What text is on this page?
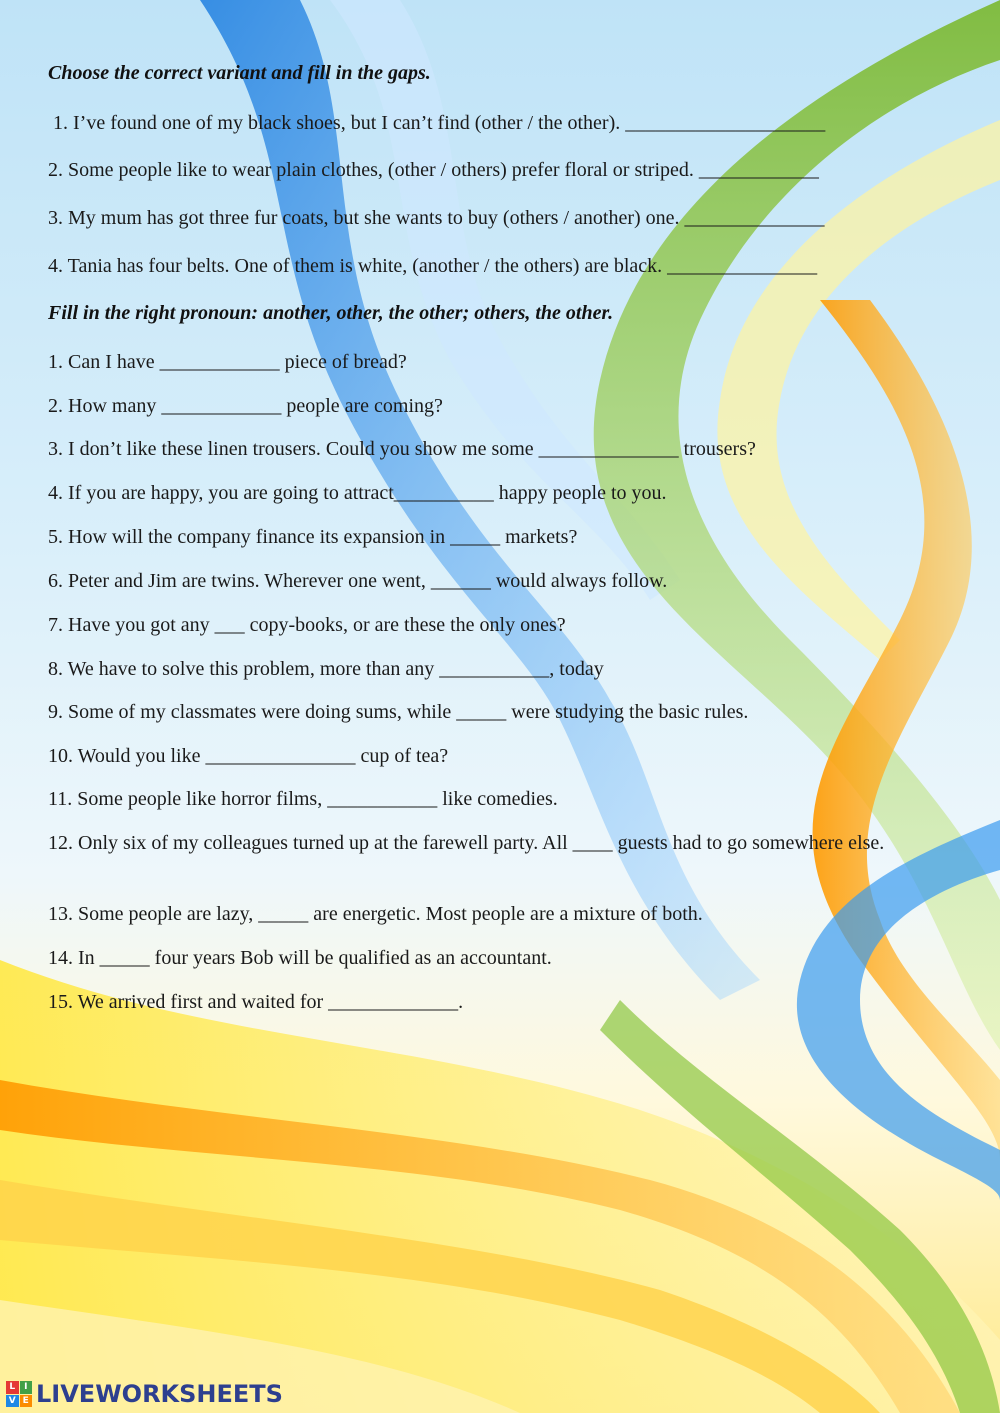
Choose the correct variant and fill in the gaps.
1. I’ve found one of my black shoes, but I can’t find (other / the other). ____________________
2. Some people like to wear plain clothes, (other / others) prefer floral or striped. ____________
3. My mum has got three fur coats, but she wants to buy (others / another) one. ______________
4. Tania has four belts. One of them is white, (another / the others) are black. _______________
Fill in the right pronoun: another, other, the other; others, the other.
1. Can I have ____________ piece of bread?
2. How many ____________ people are coming?
3. I don’t like these linen trousers. Could you show me some ______________ trousers?
4. If you are happy, you are going to attract__________ happy people to you.
5. How will the company finance its expansion in _____ markets?
6. Peter and Jim are twins. Wherever one went, ______ would always follow.
7. Have you got any ___ copy-books, or are these the only ones?
8. We have to solve this problem, more than any ___________, today
9. Some of my classmates were doing sums, while _____ were studying the basic rules.
10. Would you like _______________ cup of tea?
11. Some people like horror films, ___________ like comedies.
12. Only six of my colleagues turned up at the farewell party. All ____ guests had to go somewhere else.
13. Some people are lazy, _____ are energetic. Most people are a mixture of both.
14. In _____ four years Bob will be qualified as an accountant.
15. We arrived first and waited for _____________.
L I
V E LIVEWORKSHEETS
